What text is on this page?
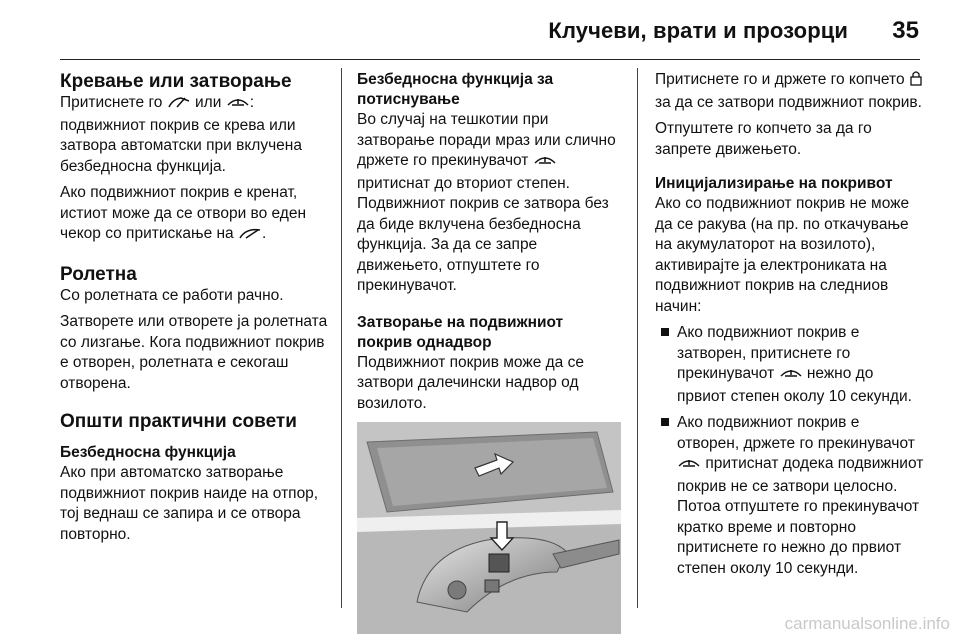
Клучеви, врати и прозорци 35
Кревање или затворање

Притиснете го или : подвижниот покрив се крева или затвора автоматски при вклучена безбедносна функција.

Ако подвижниот покрив е кренат, истиот може да се отвори во еден чекор со притискање на .

Ролетна

Со ролетната се работи рачно.

Затворете или отворете ја ролетната со лизгање. Кога подвижниот покрив е отворен, ролетната е секогаш отворена.

Општи практични совети
Безбедносна функција

Ако при автоматско затворање подвижниот покрив наиде на отпор, тој веднаш се запира и се отвора повторно.

Безбедносна функција за потиснување

Во случај на тешкотии при затворање поради мраз или слично држете го прекинувачот  притиснат до вториот степен. Подвижниот покрив се затвора без да биде вклучена безбедносна функција. За да се запре движењето, отпуштете го прекинувачот.

Затворање на подвижниот покрив однадвор

Подвижниот покрив може да се затвори далечински надвор од возилото.

Притиснете го и држете го копчето  за да се затвори подвижниот покрив.

Отпуштете го копчето за да го запрете движењето.

Иницијализирање на покривот

Ако со подвижниот покрив не може да се ракува (на пр. по откачување на акумулаторот на возилото), активирајте ја електрониката на подвижниот покрив на следниов начин:

Ако подвижниот покрив е затворен, притиснете го прекинувачот нежно до првиот степен околу 10 секунди.
Ако подвижниот покрив е отворен, држете го прекинувачот  притиснат додека подвижниот покрив не се затвори целосно. Потоа отпуштете го прекинувачот кратко време и повторно притиснете го нежно до првиот степен околу 10 секунди.
carmanualsonline.info
